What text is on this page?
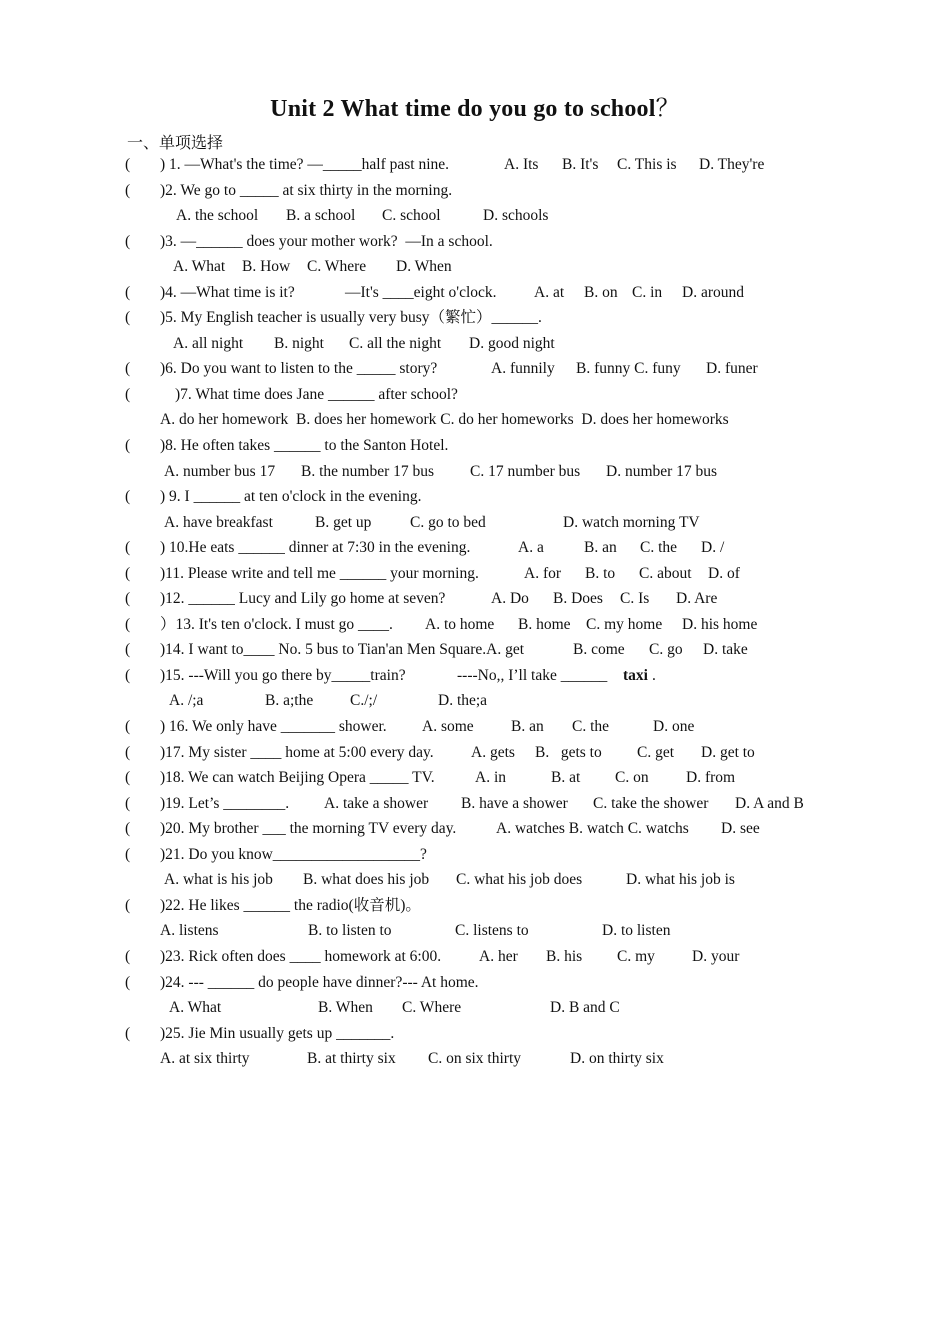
Unit 2 What time do you go to school？
一、单项选择
( ) 1. —What's the time? —_____half past nine.	A. Its B. It's C. This is D. They're
( )2. We go to _____ at six thirty in the morning.
A. the school B. a school C. school	D. schools
( )3. —______ does your mother work?  —In a school.
A. What B. How C. Where D. When
( )4. —What time is it?	—It's ____eight o'clock. A. at B. on C. in D. around
( )5. My English teacher is usually very busy（繁忙）______.
A. all night B. night C. all the night D. good night
( )6. Do you want to listen to the _____ story?	A. funnily B. funny C. funy D. funer
(	)7. What time does Jane ______ after school?
A. do her homework  B. does her homework C. do her homeworks  D. does her homeworks
( )8. He often takes ______ to the Santon Hotel.
A. number bus 17 B. the number 17 bus C. 17 number bus D. number 17 bus
( ) 9. I ______ at ten o'clock in the evening.
A. have breakfast	B. get up C. go to bed	D. watch morning TV
( ) 10.He eats ______ dinner at 7:30 in the evening.	A. a	B. an C. the D. /
( )11. Please write and tell me ______ your morning.	A. for B. to C. about D. of
( )12. ______ Lucy and Lily go home at seven?	A. Do B. Does C. Is D. Are
( ）13. It's ten o'clock. I must go ____. A. to home B. home C. my home D. his home
( )14. I want to____ No. 5 bus to Tian'an Men Square.A. get	B. come C. go D. take
( )15. ---Will you go there by_____train?	----No,, I’ll take ______ taxi .
A. /;a	B. a;the C./;/	D. the;a
( ) 16. We only have _______ shower. A. some B. an C. the	D. one
( )17. My sister ____ home at 5:00 every day. A. gets B.   gets to C. get D. get to
( )18. We can watch Beijing Opera _____ TV.	A. in	B. at C. on D. from
( )19. Let’s ________. A. take a shower B. have a shower C. take the shower D. A and B
( )20. My brother ___ the morning TV every day.	A. watches B. watch C. watchs D. see
( )21. Do you know___________________?
A. what is his job B. what does his job C. what his job does	D. what his job is
( )22. He likes ______ the radio(收音机)。
A. listens	B. to listen to	C. listens to	D. to listen
( )23. Rick often does ____ homework at 6:00. A. her B. his C. my D. your
( )24. --- ______ do people have dinner?--- At home.
A. What	B. When C. Where	D. B and C
( )25. Jie Min usually gets up _______.
A. at six thirty	B. at thirty six C. on six thirty	D. on thirty six
